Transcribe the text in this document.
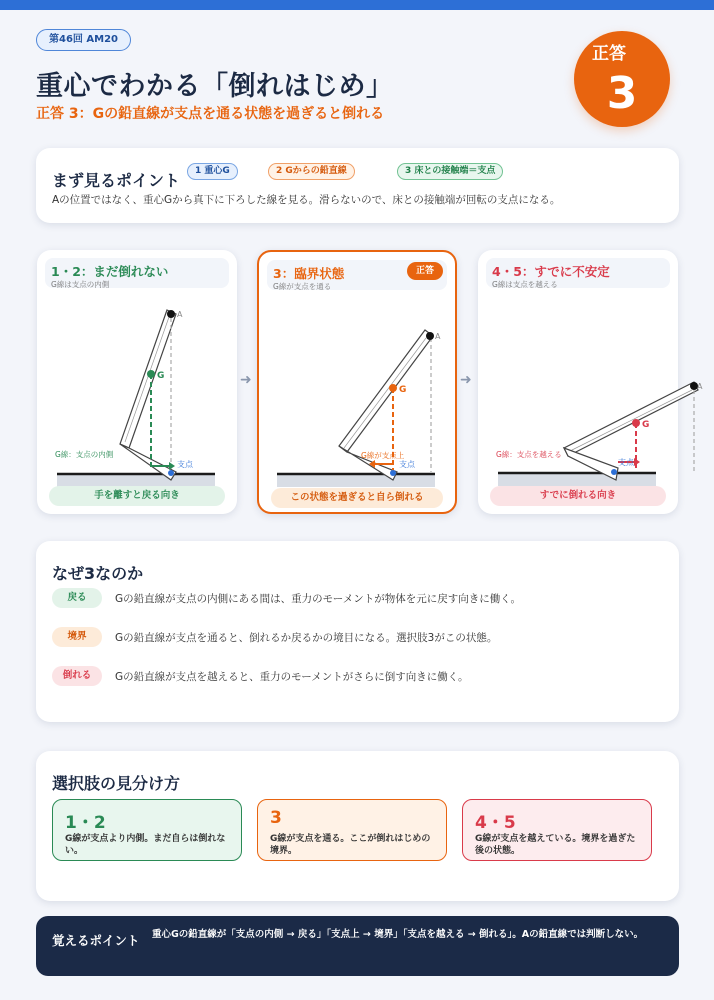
第46回 AM20
重心でわかる「倒れはじめ」
正答 3：Gの鉛直線が支点を通る状態を過ぎると倒れる
正答
3
まず見るポイント	1 重心G	2 Gからの鉛直線	3 床との接触端＝支点
Aの位置ではなく、重心Gから真下に下ろした線を見る。滑らないので、床との接触端が回転の支点になる。
1・2：まだ倒れない
G線は支点の内側
A
G
支点
G線：支点の内側
手を離すと戻る向き
➜
3：臨界状態
G線が支点を通る
正答
A
G
支点
G線が支点上
この状態を過ぎると自ら倒れる
➜
4・5：すでに不安定
G線は支点を越える
A
G
支点
G線：支点を越える
すでに倒れる向き
なぜ3なのか
戻る	Gの鉛直線が支点の内側にある間は、重力のモーメントが物体を元に戻す向きに働く。
境界	Gの鉛直線が支点を通ると、倒れるか戻るかの境目になる。選択肢3がこの状態。
倒れる	Gの鉛直線が支点を越えると、重力のモーメントがさらに倒す向きに働く。
選択肢の見分け方
1・2
G線が支点より内側。まだ自らは倒れない。
3
G線が支点を通る。ここが倒れはじめの境界。
4・5
G線が支点を越えている。境界を過ぎた後の状態。
覚えるポイント 重心Gの鉛直線が「支点の内側 → 戻る」「支点上 → 境界」「支点を越える → 倒れる」。Aの鉛直線では判断しない。
